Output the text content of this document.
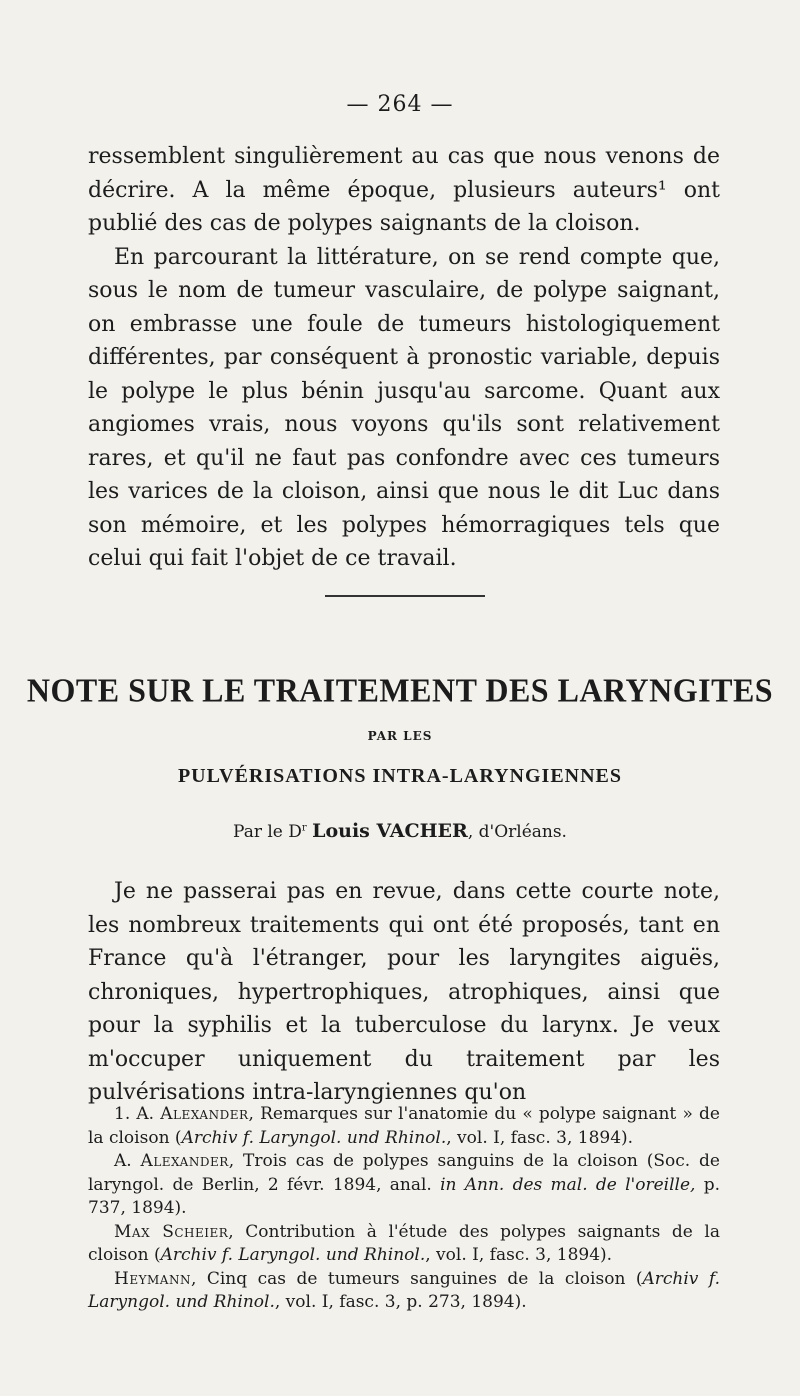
— 264 —

ressemblent singulièrement au cas que nous venons de décrire. A la même époque, plusieurs auteurs¹ ont publié des cas de polypes saignants de la cloison.

En parcourant la littérature, on se rend compte que, sous le nom de tumeur vasculaire, de polype saignant, on embrasse une foule de tumeurs histologiquement différentes, par conséquent à pronostic variable, depuis le polype le plus bénin jusqu'au sarcome. Quant aux angiomes vrais, nous voyons qu'ils sont relativement rares, et qu'il ne faut pas confondre avec ces tumeurs les varices de la cloison, ainsi que nous le dit Luc dans son mémoire, et les polypes hémorragiques tels que celui qui fait l'objet de ce travail.

NOTE SUR LE TRAITEMENT DES LARYNGITES
PAR LES
PULVÉRISATIONS INTRA-LARYNGIENNES
Par le $D^r$ Louis VACHER, d'Orléans.

Je ne passerai pas en revue, dans cette courte note, les nombreux traitements qui ont été proposés, tant en France qu'à l'étranger, pour les laryngites aiguës, chroniques, hypertrophiques, atrophiques, ainsi que pour la syphilis et la tuberculose du larynx. Je veux m'occuper uniquement du traitement par les pulvérisations intra-laryngiennes qu'on

1. A. Alexander, Remarques sur l'anatomie du « polype saignant » de la cloison (Archiv f. Laryngol. und Rhinol., vol. I, fasc. 3, 1894).

A. Alexander, Trois cas de polypes sanguins de la cloison (Soc. de laryngol. de Berlin, 2 févr. 1894, anal. in Ann. des mal. de l'oreille, p. 737, 1894).

Max Scheier, Contribution à l'étude des polypes saignants de la cloison (Archiv f. Laryngol. und Rhinol., vol. I, fasc. 3, 1894).

Heymann, Cinq cas de tumeurs sanguines de la cloison (Archiv f. Laryngol. und Rhinol., vol. I, fasc. 3, p. 273, 1894).
